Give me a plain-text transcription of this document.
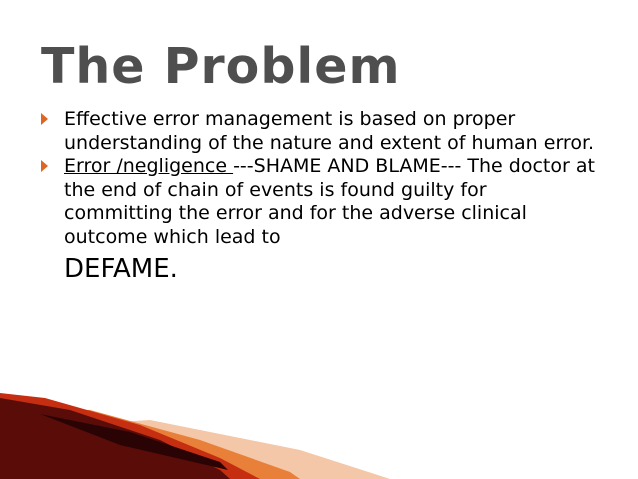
The Problem
Effective error management is based on proper understanding of the nature and extent of human error.
Error /negligence ---SHAME AND BLAME--- The doctor at the end of chain of events is found guilty for committing the error and for the adverse clinical outcome which lead to
DEFAME.
